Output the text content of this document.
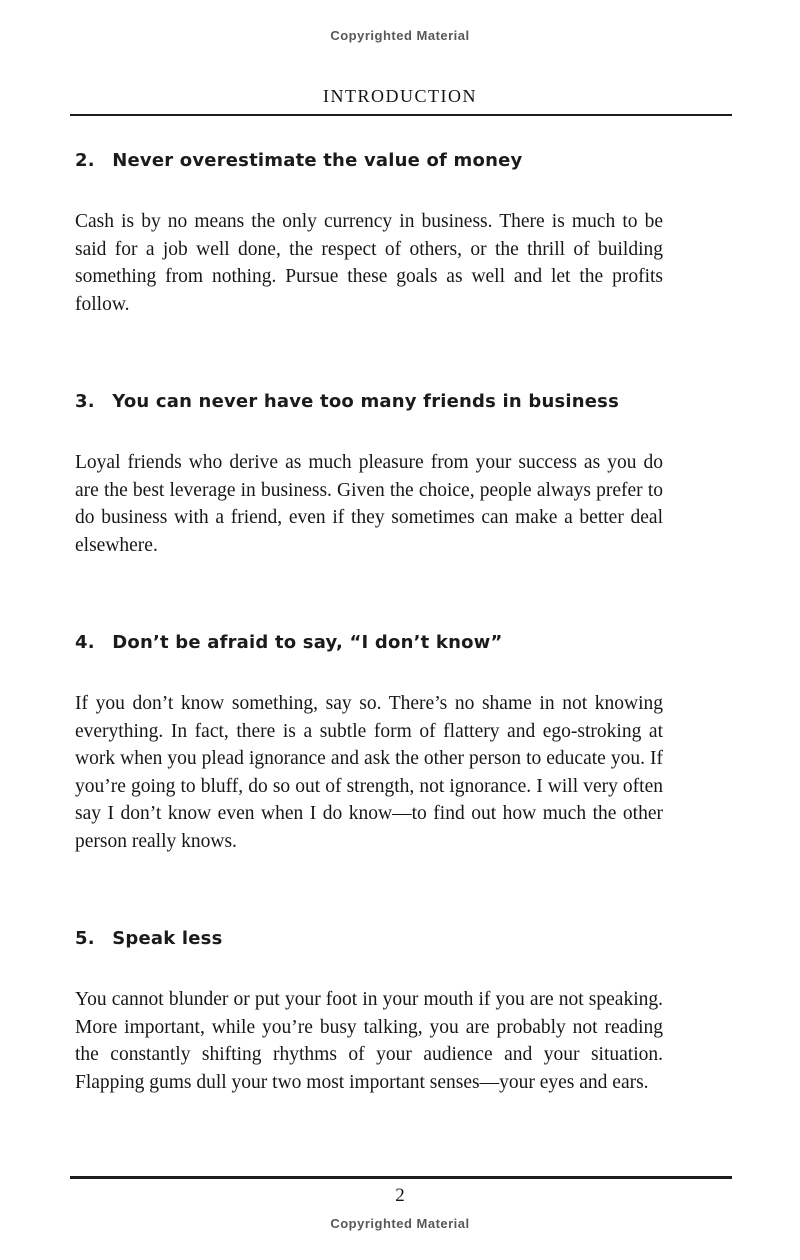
Copyrighted Material
INTRODUCTION
2. Never overestimate the value of money

Cash is by no means the only currency in business. There is much to be said for a job well done, the respect of others, or the thrill of building something from nothing. Pursue these goals as well and let the profits follow.

3. You can never have too many friends in business

Loyal friends who derive as much pleasure from your success as you do are the best leverage in business. Given the choice, people always prefer to do business with a friend, even if they sometimes can make a better deal elsewhere.

4. Don’t be afraid to say, “I don’t know”

If you don’t know something, say so. There’s no shame in not knowing everything. In fact, there is a subtle form of flattery and ego-stroking at work when you plead ignorance and ask the other person to educate you. If you’re going to bluff, do so out of strength, not ignorance. I will very often say I don’t know even when I do know—to find out how much the other person really knows.

5. Speak less

You cannot blunder or put your foot in your mouth if you are not speaking. More important, while you’re busy talking, you are probably not reading the constantly shifting rhythms of your audience and your situation. Flapping gums dull your two most important senses—your eyes and ears.

2
Copyrighted Material
